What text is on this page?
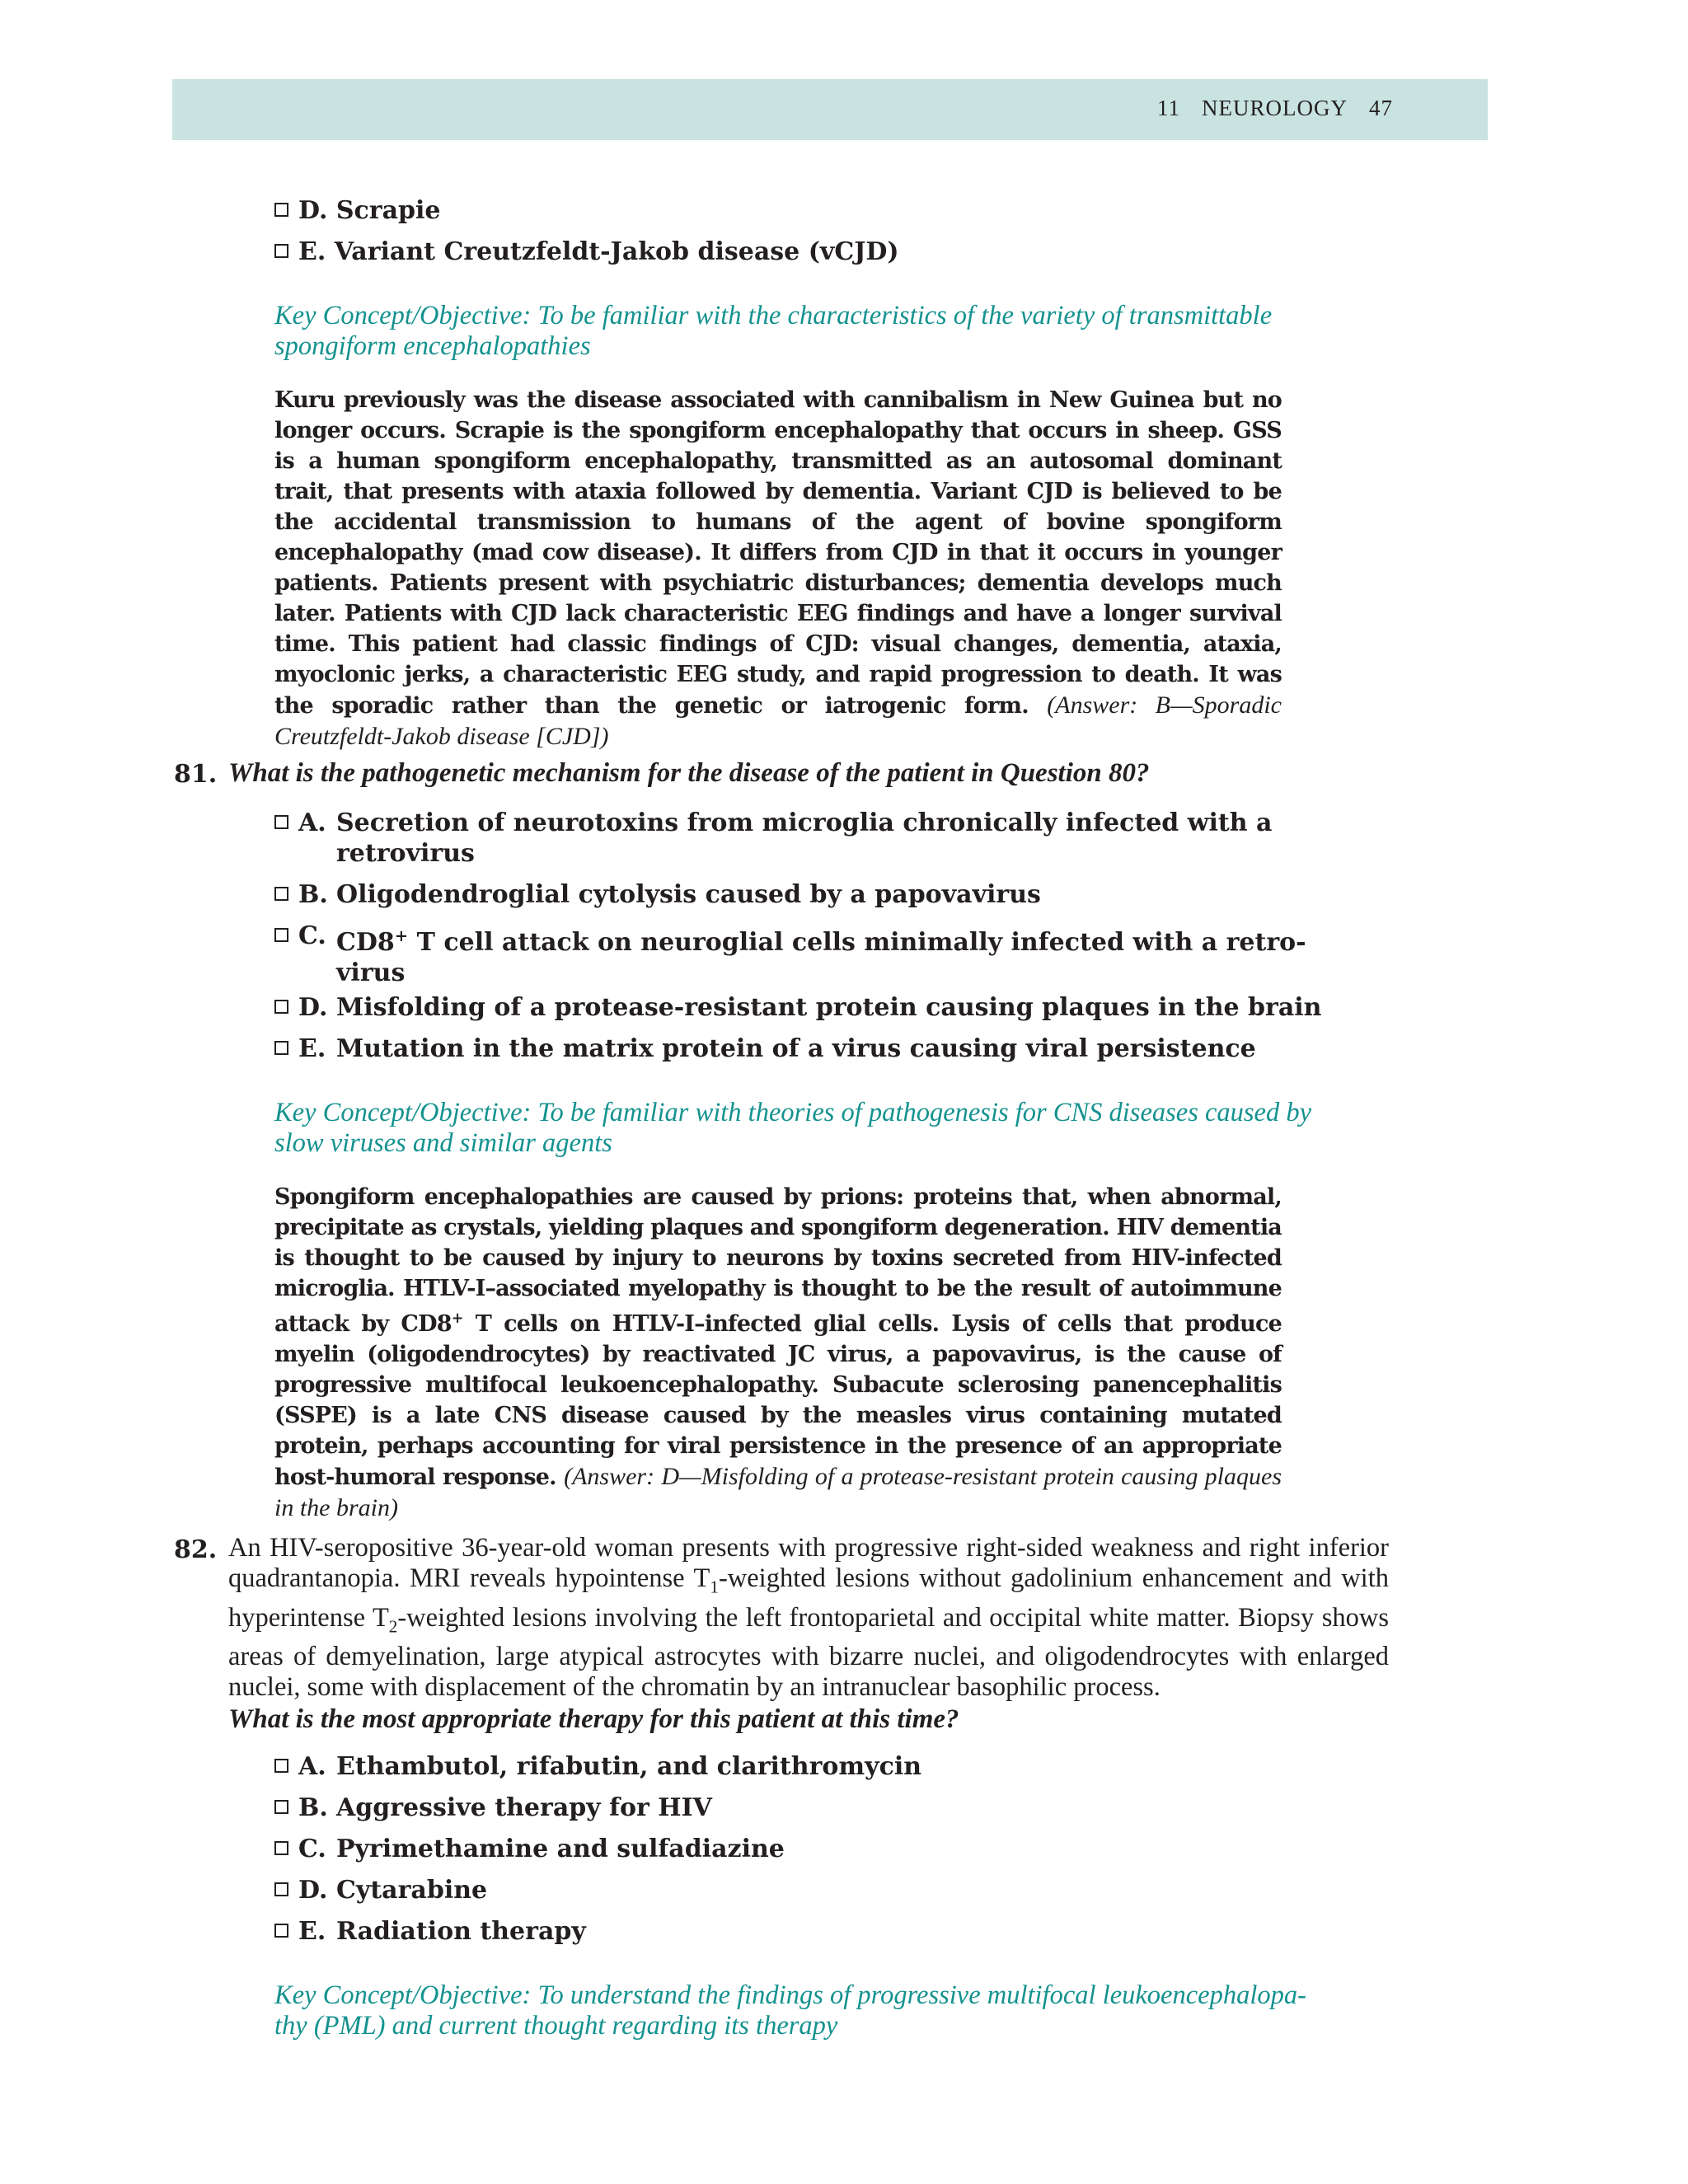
11 NEUROLOGY 47
D. Scrapie
E. Variant Creutzfeldt-Jakob disease (vCJD)
Key Concept/Objective: To be familiar with the characteristics of the variety of transmittable
spongiform encephalopathies
Kuru previously was the disease associated with cannibalism in New Guinea but no longer occurs. Scrapie is the spongiform encephalopathy that occurs in sheep. GSS is a human spongiform encephalopathy, transmitted as an autosomal dominant trait, that presents with ataxia followed by dementia. Variant CJD is believed to be the accidental transmission to humans of the agent of bovine spongiform encephalopathy (mad cow disease). It differs from CJD in that it occurs in younger patients. Patients present with psychiatric disturbances; dementia develops much later. Patients with CJD lack characteristic EEG findings and have a longer survival time. This patient had classic findings of CJD: visual changes, dementia, ataxia, myoclonic jerks, a characteristic EEG study, and rapid progression to death. It was the sporadic rather than the genetic or iatrogenic form. (Answer: B—Sporadic Creutzfeldt-Jakob disease [CJD])
81. What is the pathogenetic mechanism for the disease of the patient in Question 80?
A. Secretion of neurotoxins from microglia chronically infected with a
retrovirus
B. Oligodendroglial cytolysis caused by a papovavirus
C. CD8+ T cell attack on neuroglial cells minimally infected with a retro-
virus
D. Misfolding of a protease-resistant protein causing plaques in the brain
E. Mutation in the matrix protein of a virus causing viral persistence
Key Concept/Objective: To be familiar with theories of pathogenesis for CNS diseases caused by
slow viruses and similar agents
Spongiform encephalopathies are caused by prions: proteins that, when abnormal, precipitate as crystals, yielding plaques and spongiform degeneration. HIV dementia is thought to be caused by injury to neurons by toxins secreted from HIV-infected microglia. HTLV-I–associated myelopathy is thought to be the result of autoimmune attack by CD8+ T cells on HTLV-I–infected glial cells. Lysis of cells that produce myelin (oligodendrocytes) by reactivated JC virus, a papovavirus, is the cause of progressive multifocal leukoencephalopathy. Subacute sclerosing panencephalitis (SSPE) is a late CNS disease caused by the measles virus containing mutated protein, perhaps accounting for viral persistence in the presence of an appropriate host-humoral response. (Answer: D—Misfolding of a protease-resistant protein causing plaques in the brain)
82. An HIV-seropositive 36-year-old woman presents with progressive right-sided weakness and right inferior quadrantanopia. MRI reveals hypointense $T_1$-weighted lesions without gadolinium enhancement and with hyperintense $T_2$-weighted lesions involving the left frontoparietal and occipital white matter. Biopsy shows areas of demyelination, large atypical astrocytes with bizarre nuclei, and oligodendrocytes with enlarged nuclei, some with displacement of the chromatin by an intranuclear basophilic process.
What is the most appropriate therapy for this patient at this time?
A. Ethambutol, rifabutin, and clarithromycin
B. Aggressive therapy for HIV
C. Pyrimethamine and sulfadiazine
D. Cytarabine
E. Radiation therapy
Key Concept/Objective: To understand the findings of progressive multifocal leukoencephalopa-
thy (PML) and current thought regarding its therapy
